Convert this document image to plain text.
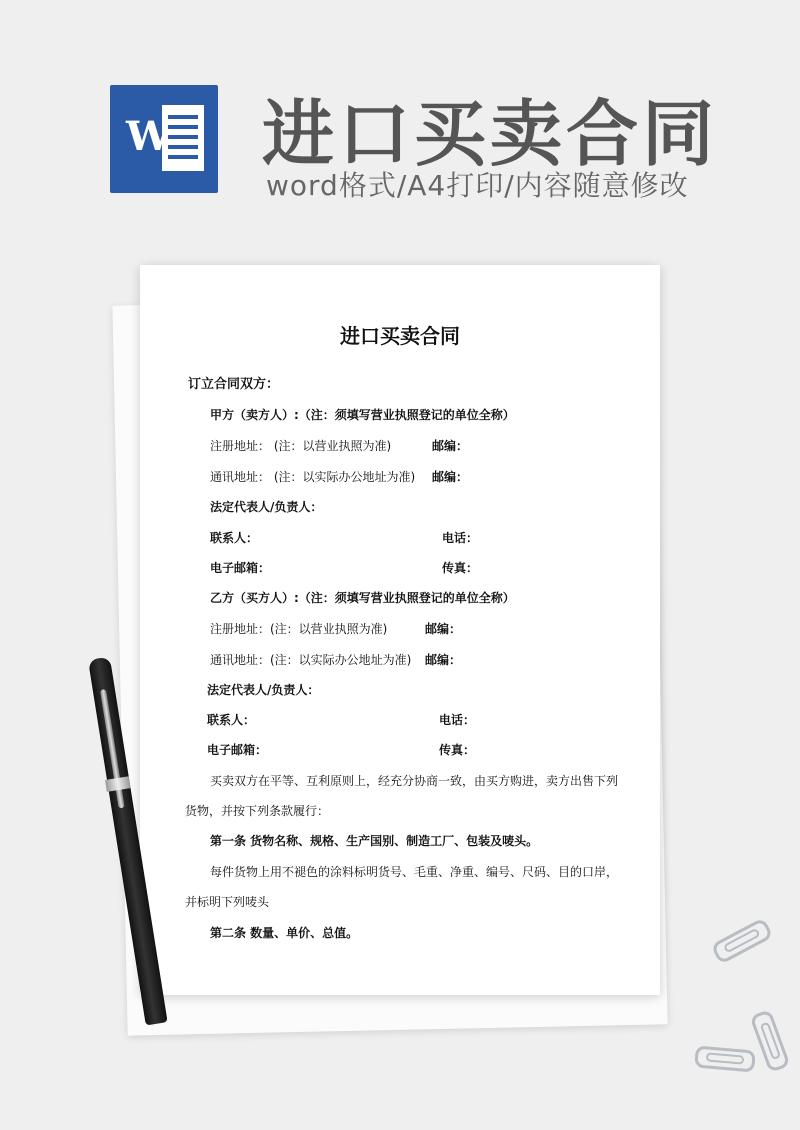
W 进口买卖合同
word格式/A4打印/内容随意修改
进口买卖合同
订立合同双方：
甲方（卖方人）:（注：须填写营业执照登记的单位全称）
注册地址： (注：以营业执照为准)	邮编：
通讯地址： (注：以实际办公地址为准) 邮编：
法定代表人/负责人：
联系人：	电话：
电子邮箱：	传真：
乙方（买方人）:（注：须填写营业执照登记的单位全称）
注册地址：(注：以营业执照为准)	邮编：
通讯地址：(注：以实际办公地址为准) 邮编：
法定代表人/负责人：
联系人：	电话：
电子邮箱：	传真：
买卖双方在平等、互利原则上，经充分协商一致，由买方购进，卖方出售下列
货物，并按下列条款履行：
第一条 货物名称、规格、生产国别、制造工厂、包装及唛头。
每件货物上用不褪色的涂料标明货号、毛重、净重、编号、尺码、目的口岸，
并标明下列唛头
第二条 数量、单价、总值。
